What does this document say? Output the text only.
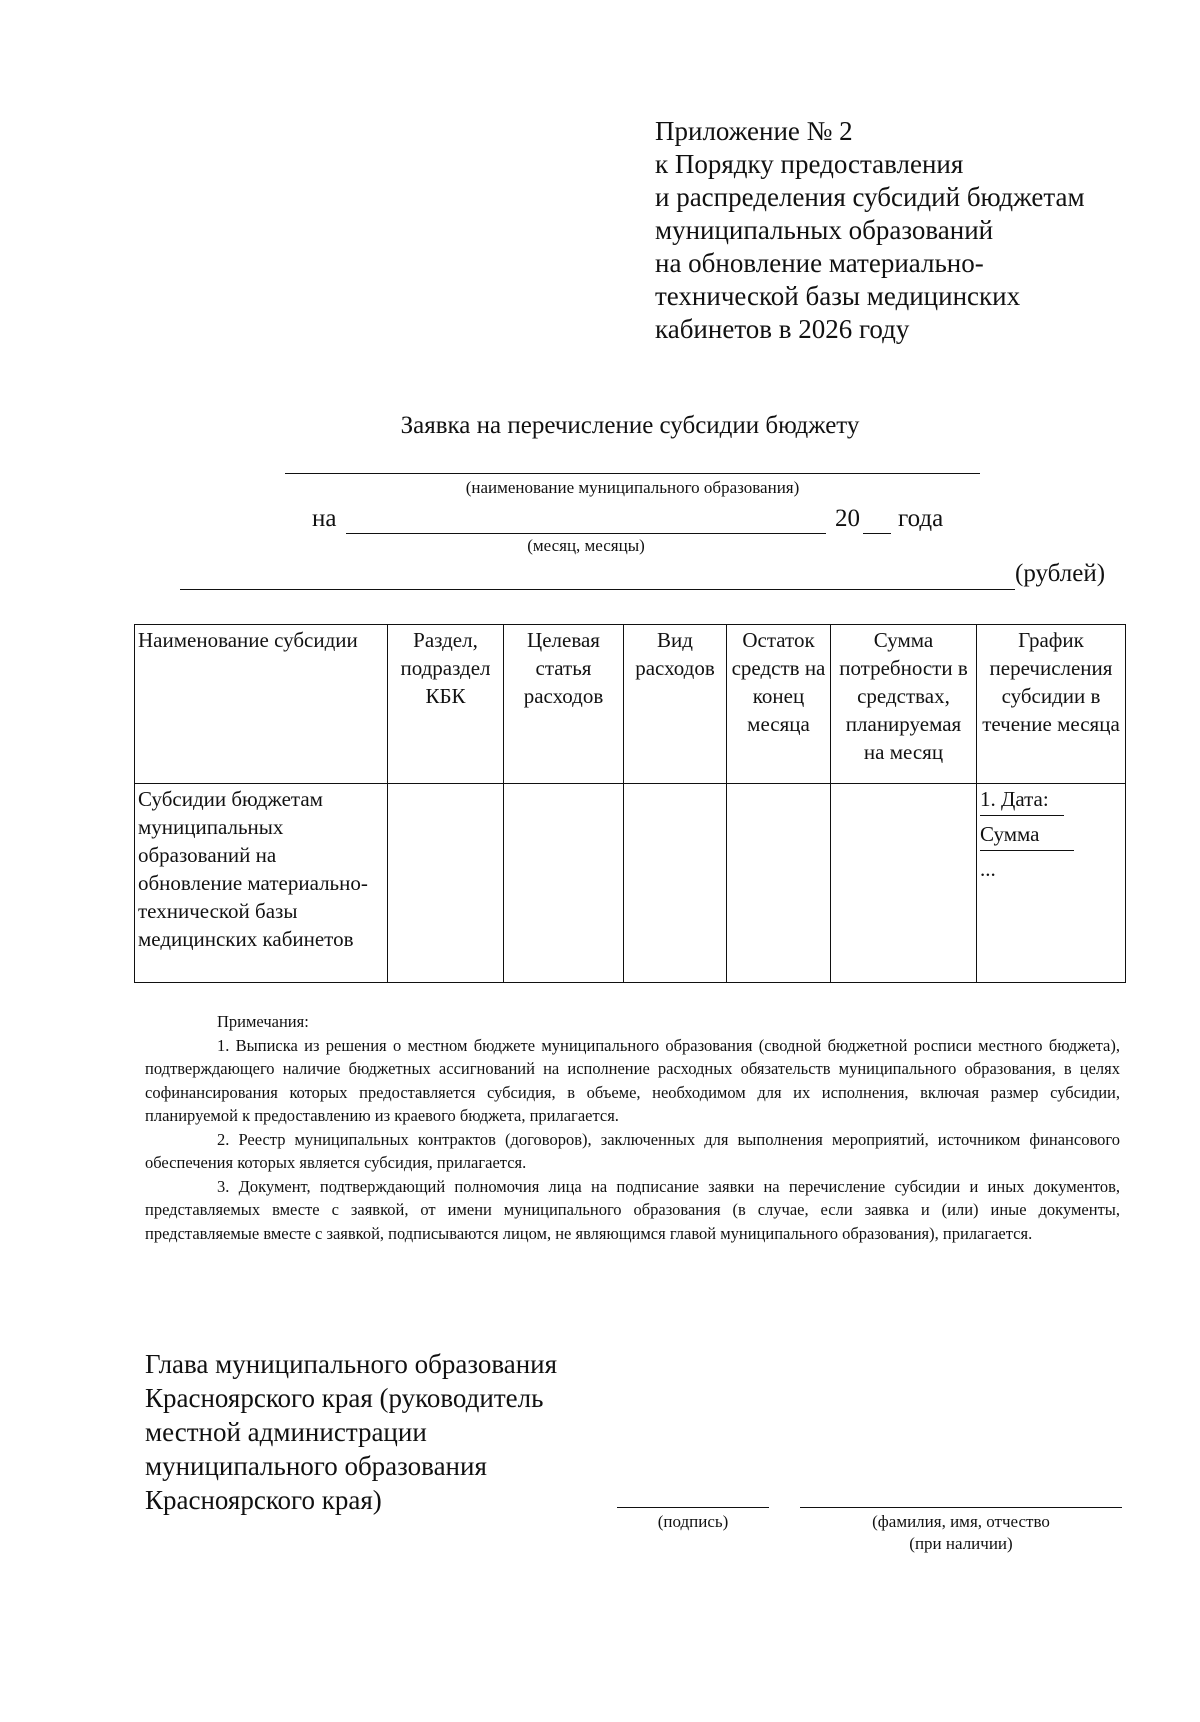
Приложение № 2
к Порядку предоставления
и распределения субсидий бюджетам
муниципальных образований
на обновление материально-
технической базы медицинских
кабинетов в 2026 году
Заявка на перечисление субсидии бюджету
(наименование муниципального образования)
на	20 года
(месяц, месяцы)
(рублей)
Наименование субсидии	Раздел, подраздел КБК	Целевая статья расходов	Вид расходов	Остаток средств на конец месяца	Сумма потребности в средствах, планируемая на месяц	График перечисления субсидии в течение месяца
Субсидии бюджетам муниципальных образований на обновление материально-технической базы медицинских кабинетов						1. Дата:
Сумма
...

Примечания:

1. Выписка из решения о местном бюджете муниципального образования (сводной бюджетной росписи местного бюджета), подтверждающего наличие бюджетных ассигнований на исполнение расходных обязательств муниципального образования, в целях софинансирования которых предоставляется субсидия, в объеме, необходимом для их исполнения, включая размер субсидии, планируемой к предоставлению из краевого бюджета, прилагается.

2. Реестр муниципальных контрактов (договоров), заключенных для выполнения мероприятий, источником финансового обеспечения которых является субсидия, прилагается.

3. Документ, подтверждающий полномочия лица на подписание заявки на перечисление субсидии и иных документов, представляемых вместе с заявкой, от имени муниципального образования (в случае, если заявка и (или) иные документы, представляемые вместе с заявкой, подписываются лицом, не являющимся главой муниципального образования), прилагается.

Глава муниципального образования
Красноярского края (руководитель
местной администрации
муниципального образования
Красноярского края)
(подпись)	(фамилия, имя, отчество
(при наличии)
